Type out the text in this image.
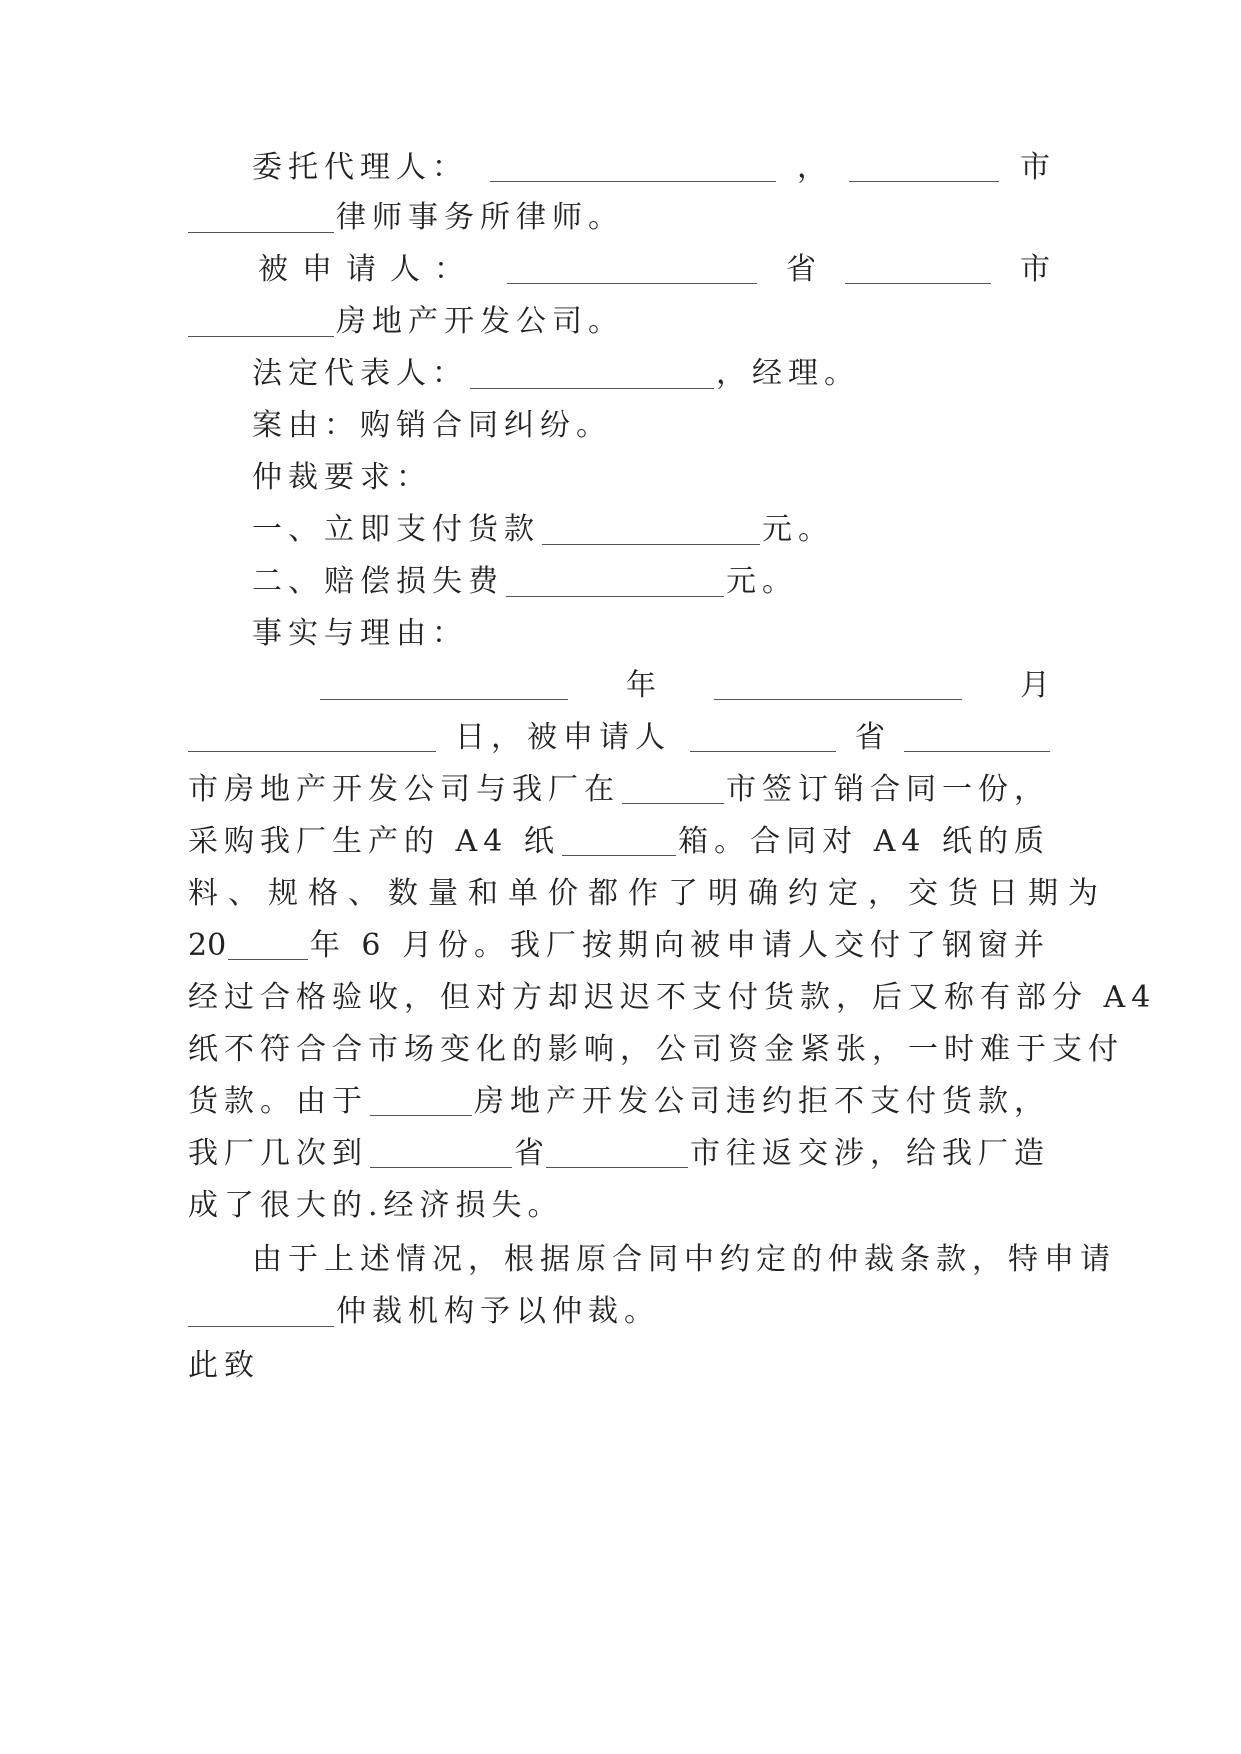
委托代理人：	，	市
律师事务所律师。
被申请人：	省	市
房地产开发公司。
法定代表人：	，经理。
案由：购销合同纠纷。
仲裁要求：
一、立即支付货款	元。
二、赔偿损失费	元。
事实与理由：
年	月
日，被申请人	省
市房地产开发公司与我厂在	市签订销合同一份，
采购我厂生产的 A4 纸	箱。合同对 A4 纸的质
料、规格、数量和单价都作了明确约定，交货日期为
20	年 6 月份。我厂按期向被申请人交付了钢窗并
经过合格验收，但对方却迟迟不支付货款，后又称有部分 A4
纸不符合合市场变化的影响，公司资金紧张，一时难于支付
货款。由于	房地产开发公司违约拒不支付货款，
我厂几次到	省	市往返交涉，给我厂造
成了很大的.经济损失。
由于上述情况，根据原合同中约定的仲裁条款，特申请
仲裁机构予以仲裁。
此致
